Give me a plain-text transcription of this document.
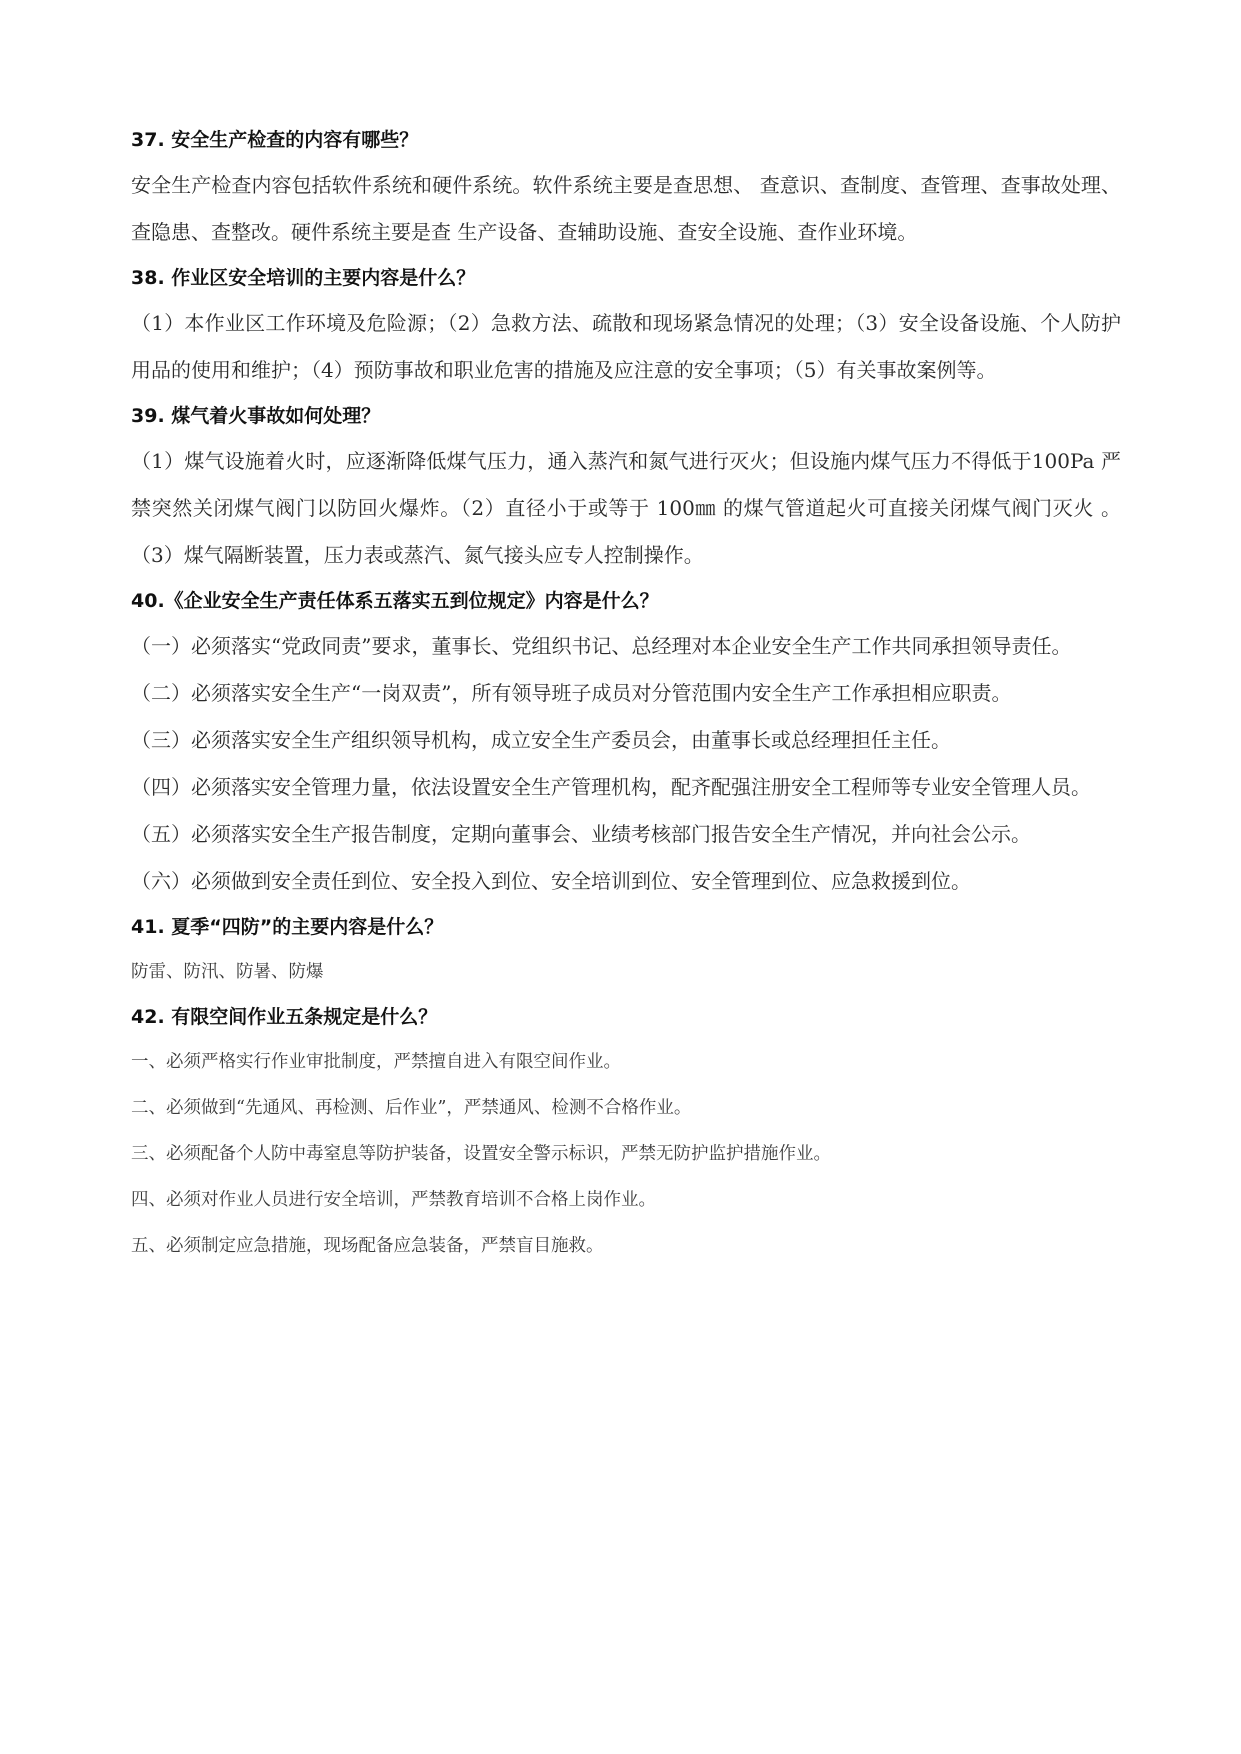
37. 安全生产检查的内容有哪些？
安全生产检查内容包括软件系统和硬件系统。软件系统主要是查思想、 查意识、查制度、查管理、查事故处理、查隐患、查整改。硬件系统主要是查 生产设备、查辅助设施、查安全设施、查作业环境。
38. 作业区安全培训的主要内容是什么？
（1）本作业区工作环境及危险源；（2）急救方法、疏散和现场紧急情况的处理；（3）安全设备设施、个人防护用品的使用和维护；（4）预防事故和职业危害的措施及应注意的安全事项；（5）有关事故案例等。
39. 煤气着火事故如何处理？
（1）煤气设施着火时，应逐渐降低煤气压力，通入蒸汽和氮气进行灭火；但设施内煤气压力不得低于100Pa 严禁突然关闭煤气阀门以防回火爆炸。（2）直径小于或等于 100㎜ 的煤气管道起火可直接关闭煤气阀门灭火 。（3）煤气隔断装置，压力表或蒸汽、氮气接头应专人控制操作。
40.《企业安全生产责任体系五落实五到位规定》内容是什么？
（一）必须落实“党政同责”要求，董事长、党组织书记、总经理对本企业安全生产工作共同承担领导责任。
（二）必须落实安全生产“一岗双责”，所有领导班子成员对分管范围内安全生产工作承担相应职责。
（三）必须落实安全生产组织领导机构，成立安全生产委员会，由董事长或总经理担任主任。
（四）必须落实安全管理力量，依法设置安全生产管理机构，配齐配强注册安全工程师等专业安全管理人员。
（五）必须落实安全生产报告制度，定期向董事会、业绩考核部门报告安全生产情况，并向社会公示。
（六）必须做到安全责任到位、安全投入到位、安全培训到位、安全管理到位、应急救援到位。
41. 夏季“四防”的主要内容是什么？
防雷、防汛、防暑、防爆
42. 有限空间作业五条规定是什么？
一、必须严格实行作业审批制度，严禁擅自进入有限空间作业。
二、必须做到“先通风、再检测、后作业”，严禁通风、检测不合格作业。
三、必须配备个人防中毒窒息等防护装备，设置安全警示标识，严禁无防护监护措施作业。
四、必须对作业人员进行安全培训，严禁教育培训不合格上岗作业。
五、必须制定应急措施，现场配备应急装备，严禁盲目施救。
